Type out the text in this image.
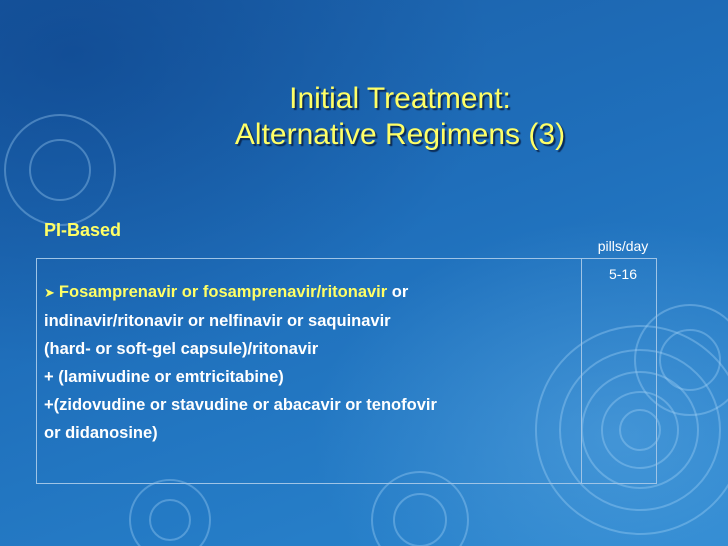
Initial Treatment:
Alternative Regimens (3)
PI-Based
pills/day
➤ Fosamprenavir or fosamprenavir/ritonavir or
indinavir/ritonavir or nelfinavir or saquinavir
(hard- or soft-gel capsule)/ritonavir
+ (lamivudine or emtricitabine)
+(zidovudine or stavudine or abacavir or tenofovir
or didanosine)
5-16
